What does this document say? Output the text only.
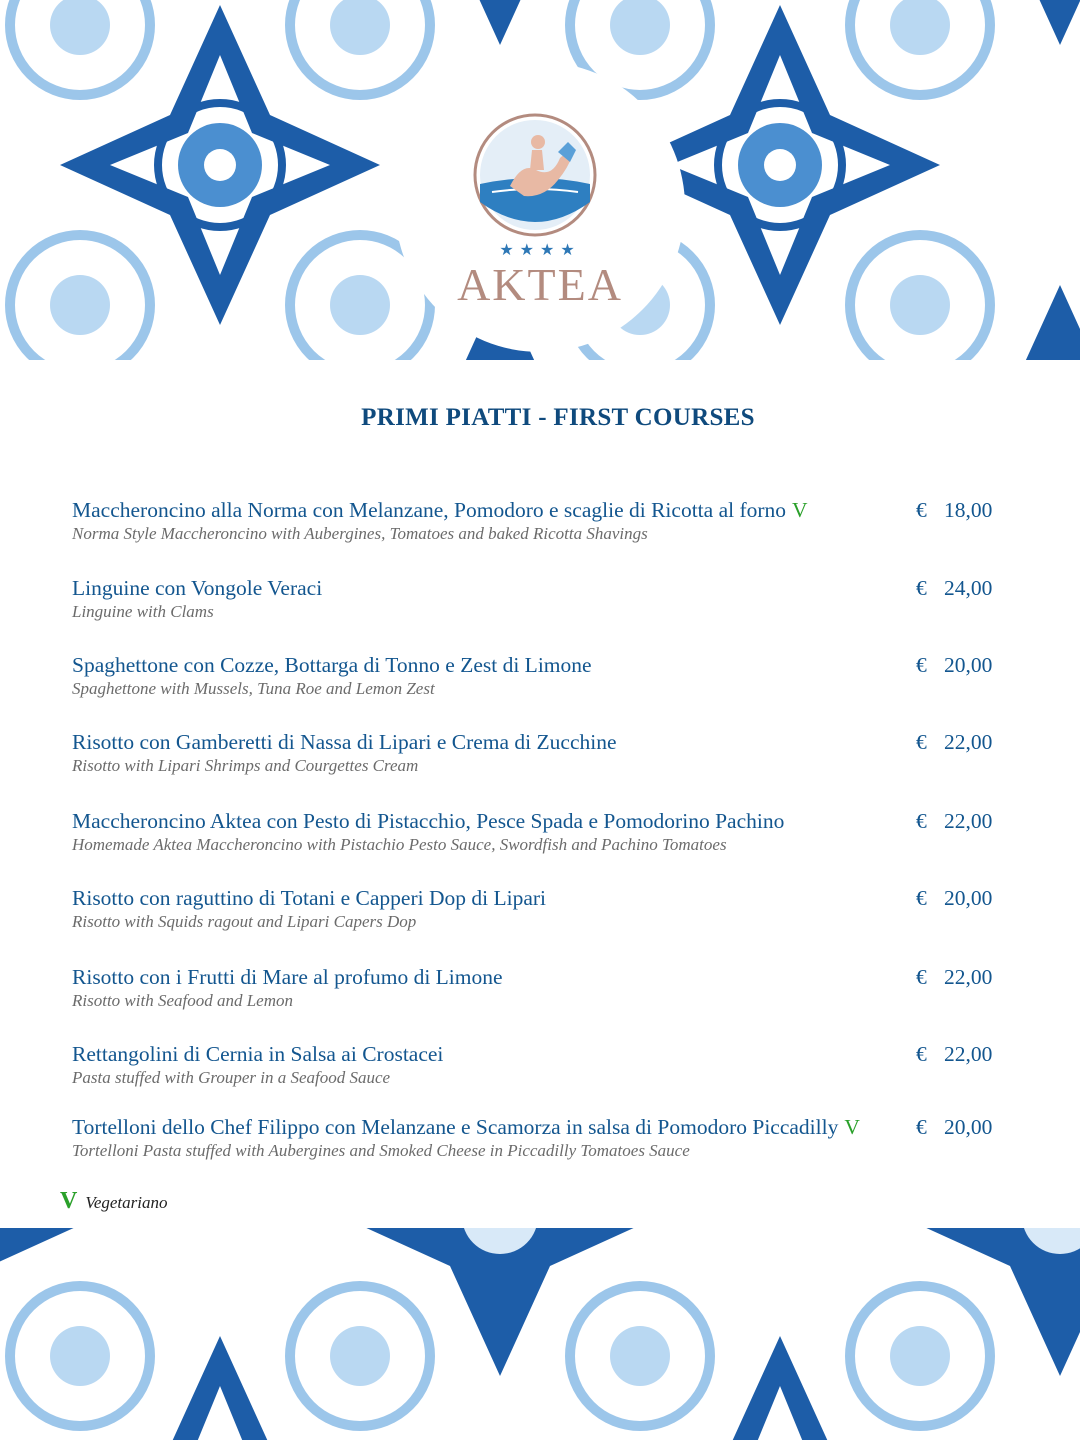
★★★★
AKTEA
PRIMI PIATTI - FIRST COURSES
Maccheroncino alla Norma con Melanzane, Pomodoro e scaglie di Ricotta al forno V
Norma Style Maccheroncino with Aubergines, Tomatoes and baked Ricotta Shavings
€ 18,00
Linguine con Vongole Veraci
Linguine with Clams
€ 24,00
Spaghettone con Cozze, Bottarga di Tonno e Zest di Limone
Spaghettone with Mussels, Tuna Roe and Lemon Zest
€ 20,00
Risotto con Gamberetti di Nassa di Lipari e Crema di Zucchine
Risotto with Lipari Shrimps and Courgettes Cream
€ 22,00
Maccheroncino Aktea con Pesto di Pistacchio, Pesce Spada e Pomodorino Pachino
Homemade Aktea Maccheroncino with Pistachio Pesto Sauce, Swordfish and Pachino Tomatoes
€ 22,00
Risotto con raguttino di Totani e Capperi Dop di Lipari
Risotto with Squids ragout and Lipari Capers Dop
€ 20,00
Risotto con i Frutti di Mare al profumo di Limone
Risotto with Seafood and Lemon
€ 22,00
Rettangolini di Cernia in Salsa ai Crostacei
Pasta stuffed with Grouper in a Seafood Sauce
€ 22,00
Tortelloni dello Chef Filippo con Melanzane e Scamorza in salsa di Pomodoro Piccadilly V
Tortelloni Pasta stuffed with Aubergines and Smoked Cheese in Piccadilly Tomatoes Sauce
€ 20,00
V Vegetariano
